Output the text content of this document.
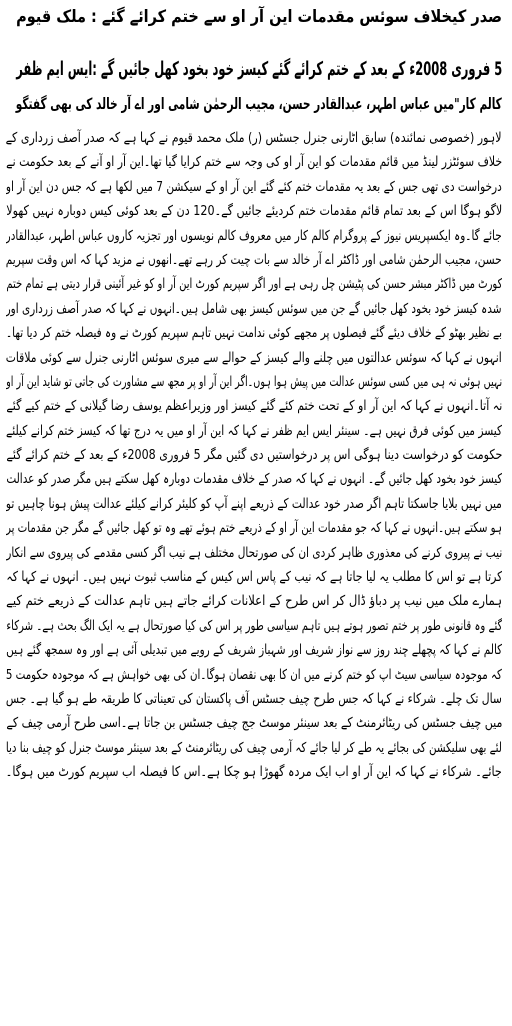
صدر کیخلاف سوئس مقدمات این آر او سے ختم کرائے گئے : ملک قیوم
5 فروری 2008ء کے بعد کے ختم کرائے گئے کیسز خود بخود کھل جائیں گے :ایس ایم ظفر
کالم کار"میں عباس اطہر، عبدالقادر حسن، مجیب الرحمٰن شامی اور اے آر خالد کی بھی گفتگو
لاہور (خصوصی نمائندہ) سابق اٹارنی جنرل جسٹس (ر) ملک محمد قیوم نے کہا ہے کہ صدر آصف زرداری کے
خلاف سوئٹزر لینڈ میں قائم مقدمات کو این آر او کی وجہ سے ختم کرایا گیا تھا۔این آر او آنے کے بعد حکومت نے
درخواست دی تھی جس کے بعد یہ مقدمات ختم کئے گئے این آر او کے سیکشن 7 میں لکھا ہے کہ جس دن این آر او
لاگو ہوگا اس کے بعد تمام قائم مقدمات ختم کردیئے جائیں گے۔120 دن کے بعد کوئی کیس دوبارہ نہیں کھولا
جائے گا۔وہ ایکسپریس نیوز کے پروگرام کالم کار میں معروف کالم نویسوں اور تجزیہ کاروں عباس اطہر، عبدالقادر
حسن، مجیب الرحمٰن شامی اور ڈاکٹر اے آر خالد سے بات چیت کر رہے تھے۔انھوں نے مزید کہا کہ اس وقت سپریم
کورٹ میں ڈاکٹر مبشر حسن کی پٹیشن چل رہی ہے اور اگر سپریم کورٹ این آر او کو غیر آئینی قرار دیتی ہے تمام ختم
شدہ کیسز خود بخود کھل جائیں گے جن میں سوئس کیسز بھی شامل ہیں۔انہوں نے کہا کہ صدر آصف زرداری اور
بے نظیر بھٹو کے خلاف دیئے گئے فیصلوں پر مجھے کوئی ندامت نہیں تاہم سپریم کورٹ نے وہ فیصلہ ختم کر دیا تھا۔
انہوں نے کہا کہ سوئس عدالتوں میں چلنے والے کیسز کے حوالے سے میری سوئس اٹارنی جنرل سے کوئی ملاقات
نہیں ہوئی نہ ہی میں کسی سوئس عدالت میں پیش ہوا ہوں۔اگر این آر او پر مجھ سے مشاورت کی جاتی تو شاید این آر او
نہ آتا۔انہوں نے کہا کہ این آر او کے تحت ختم کئے گئے کیسز اور وزیراعظم یوسف رضا گیلانی کے ختم کیے گئے
کیسز میں کوئی فرق نہیں ہے۔ سینئر ایس ایم ظفر نے کہا کہ این آر او میں یہ درج تھا کہ کیسز ختم کرانے کیلئے
حکومت کو درخواست دینا ہوگی اس پر درخواستیں دی گئیں مگر 5 فروری 2008ء کے بعد کے ختم کرائے گئے
کیسز خود بخود کھل جائیں گے۔ انہوں نے کہا کہ صدر کے خلاف مقدمات دوبارہ کھل سکتے ہیں مگر صدر کو عدالت
میں نہیں بلایا جاسکتا تاہم اگر صدر خود عدالت کے ذریعے اپنے آپ کو کلیئر کرانے کیلئے عدالت پیش ہونا چاہیں تو
ہو سکتے ہیں۔انہوں نے کہا کہ جو مقدمات این آر او کے ذریعے ختم ہوئے تھے وہ تو کھل جائیں گے مگر جن مقدمات پر
نیب نے پیروی کرنے کی معذوری ظاہر کردی ان کی صورتحال مختلف ہے نیب اگر کسی مقدمے کی پیروی سے انکار
کرتا ہے تو اس کا مطلب یہ لیا جاتا ہے کہ نیب کے پاس اس کیس کے مناسب ثبوت نہیں ہیں۔ انہوں نے کہا کہ
ہمارے ملک میں نیب پر دباؤ ڈال کر اس طرح کے اعلانات کرائے جاتے ہیں تاہم عدالت کے ذریعے ختم کیے
گئے وہ قانونی طور پر ختم تصور ہوتے ہیں تاہم سیاسی طور پر اس کی کیا صورتحال ہے یہ ایک الگ بحث ہے۔ شرکاء
کالم نے کہا کہ پچھلے چند روز سے نواز شریف اور شہباز شریف کے رویے میں تبدیلی آئی ہے اور وہ سمجھ گئے ہیں
کہ موجودہ سیاسی سیٹ اپ کو ختم کرنے میں ان کا بھی نقصان ہوگا۔ان کی بھی خواہش ہے کہ موجودہ حکومت 5
سال تک چلے۔ شرکاء نے کہا کہ جس طرح چیف جسٹس آف پاکستان کی تعیناتی کا طریقہ طے ہو گیا ہے۔ جس
میں چیف جسٹس کی ریٹائرمنٹ کے بعد سینئر موسٹ جج چیف جسٹس بن جاتا ہے۔اسی طرح آرمی چیف کے
لئے بھی سلیکشن کی بجائے یہ طے کر لیا جائے کہ آرمی چیف کی ریٹائرمنٹ کے بعد سینئر موسٹ جنرل کو چیف بنا دیا
جائے۔ شرکاء نے کہا کہ این آر او اب ایک مردہ گھوڑا ہو چکا ہے۔اس کا فیصلہ اب سپریم کورٹ میں ہوگا۔
